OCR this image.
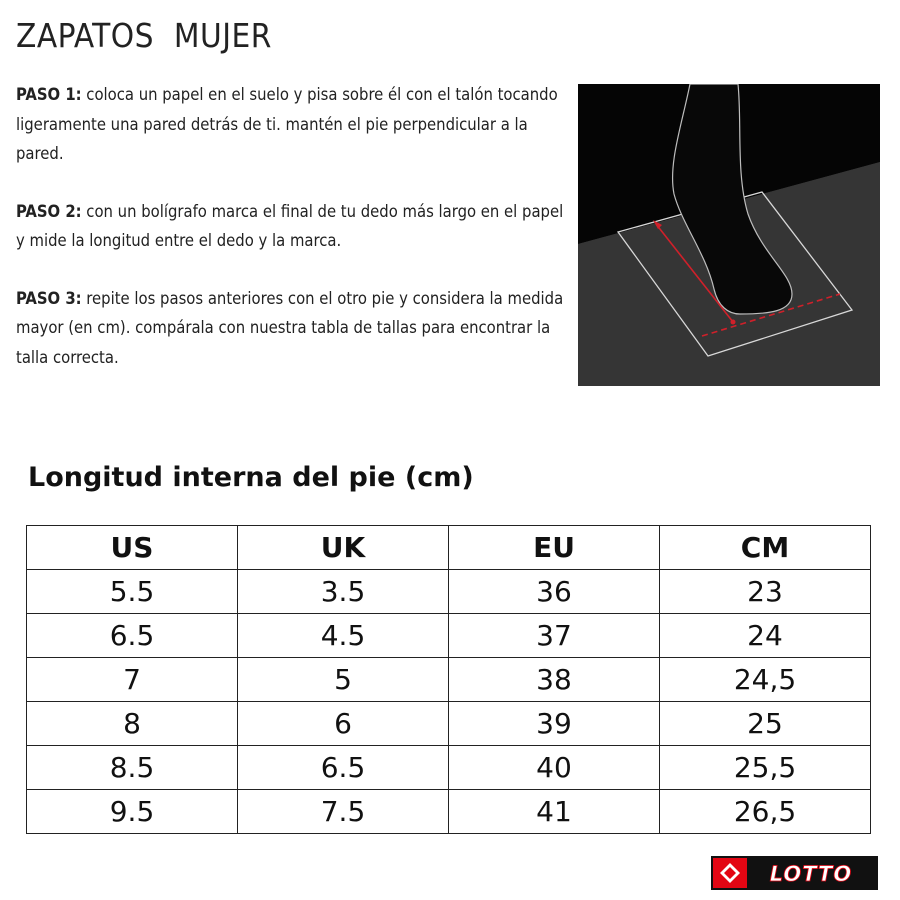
ZAPATOS  MUJER

PASO 1: coloca un papel en el suelo y pisa sobre él con el talón tocando ligeramente una pared detrás de ti. mantén el pie perpendicular a la pared.

PASO 2: con un bolígrafo marca el final de tu dedo más largo en el papel y mide la longitud entre el dedo y la marca.

PASO 3: repite los pasos anteriores con el otro pie y considera la medida mayor (en cm). compárala con nuestra tabla de tallas para encontrar la talla correcta.

Longitud interna del pie (cm)
US	UK	EU	CM
5.5	3.5	36	23
6.5	4.5	37	24
7	5	38	24,5
8	6	39	25
8.5	6.5	40	25,5
9.5	7.5	41	26,5
LOTTO
